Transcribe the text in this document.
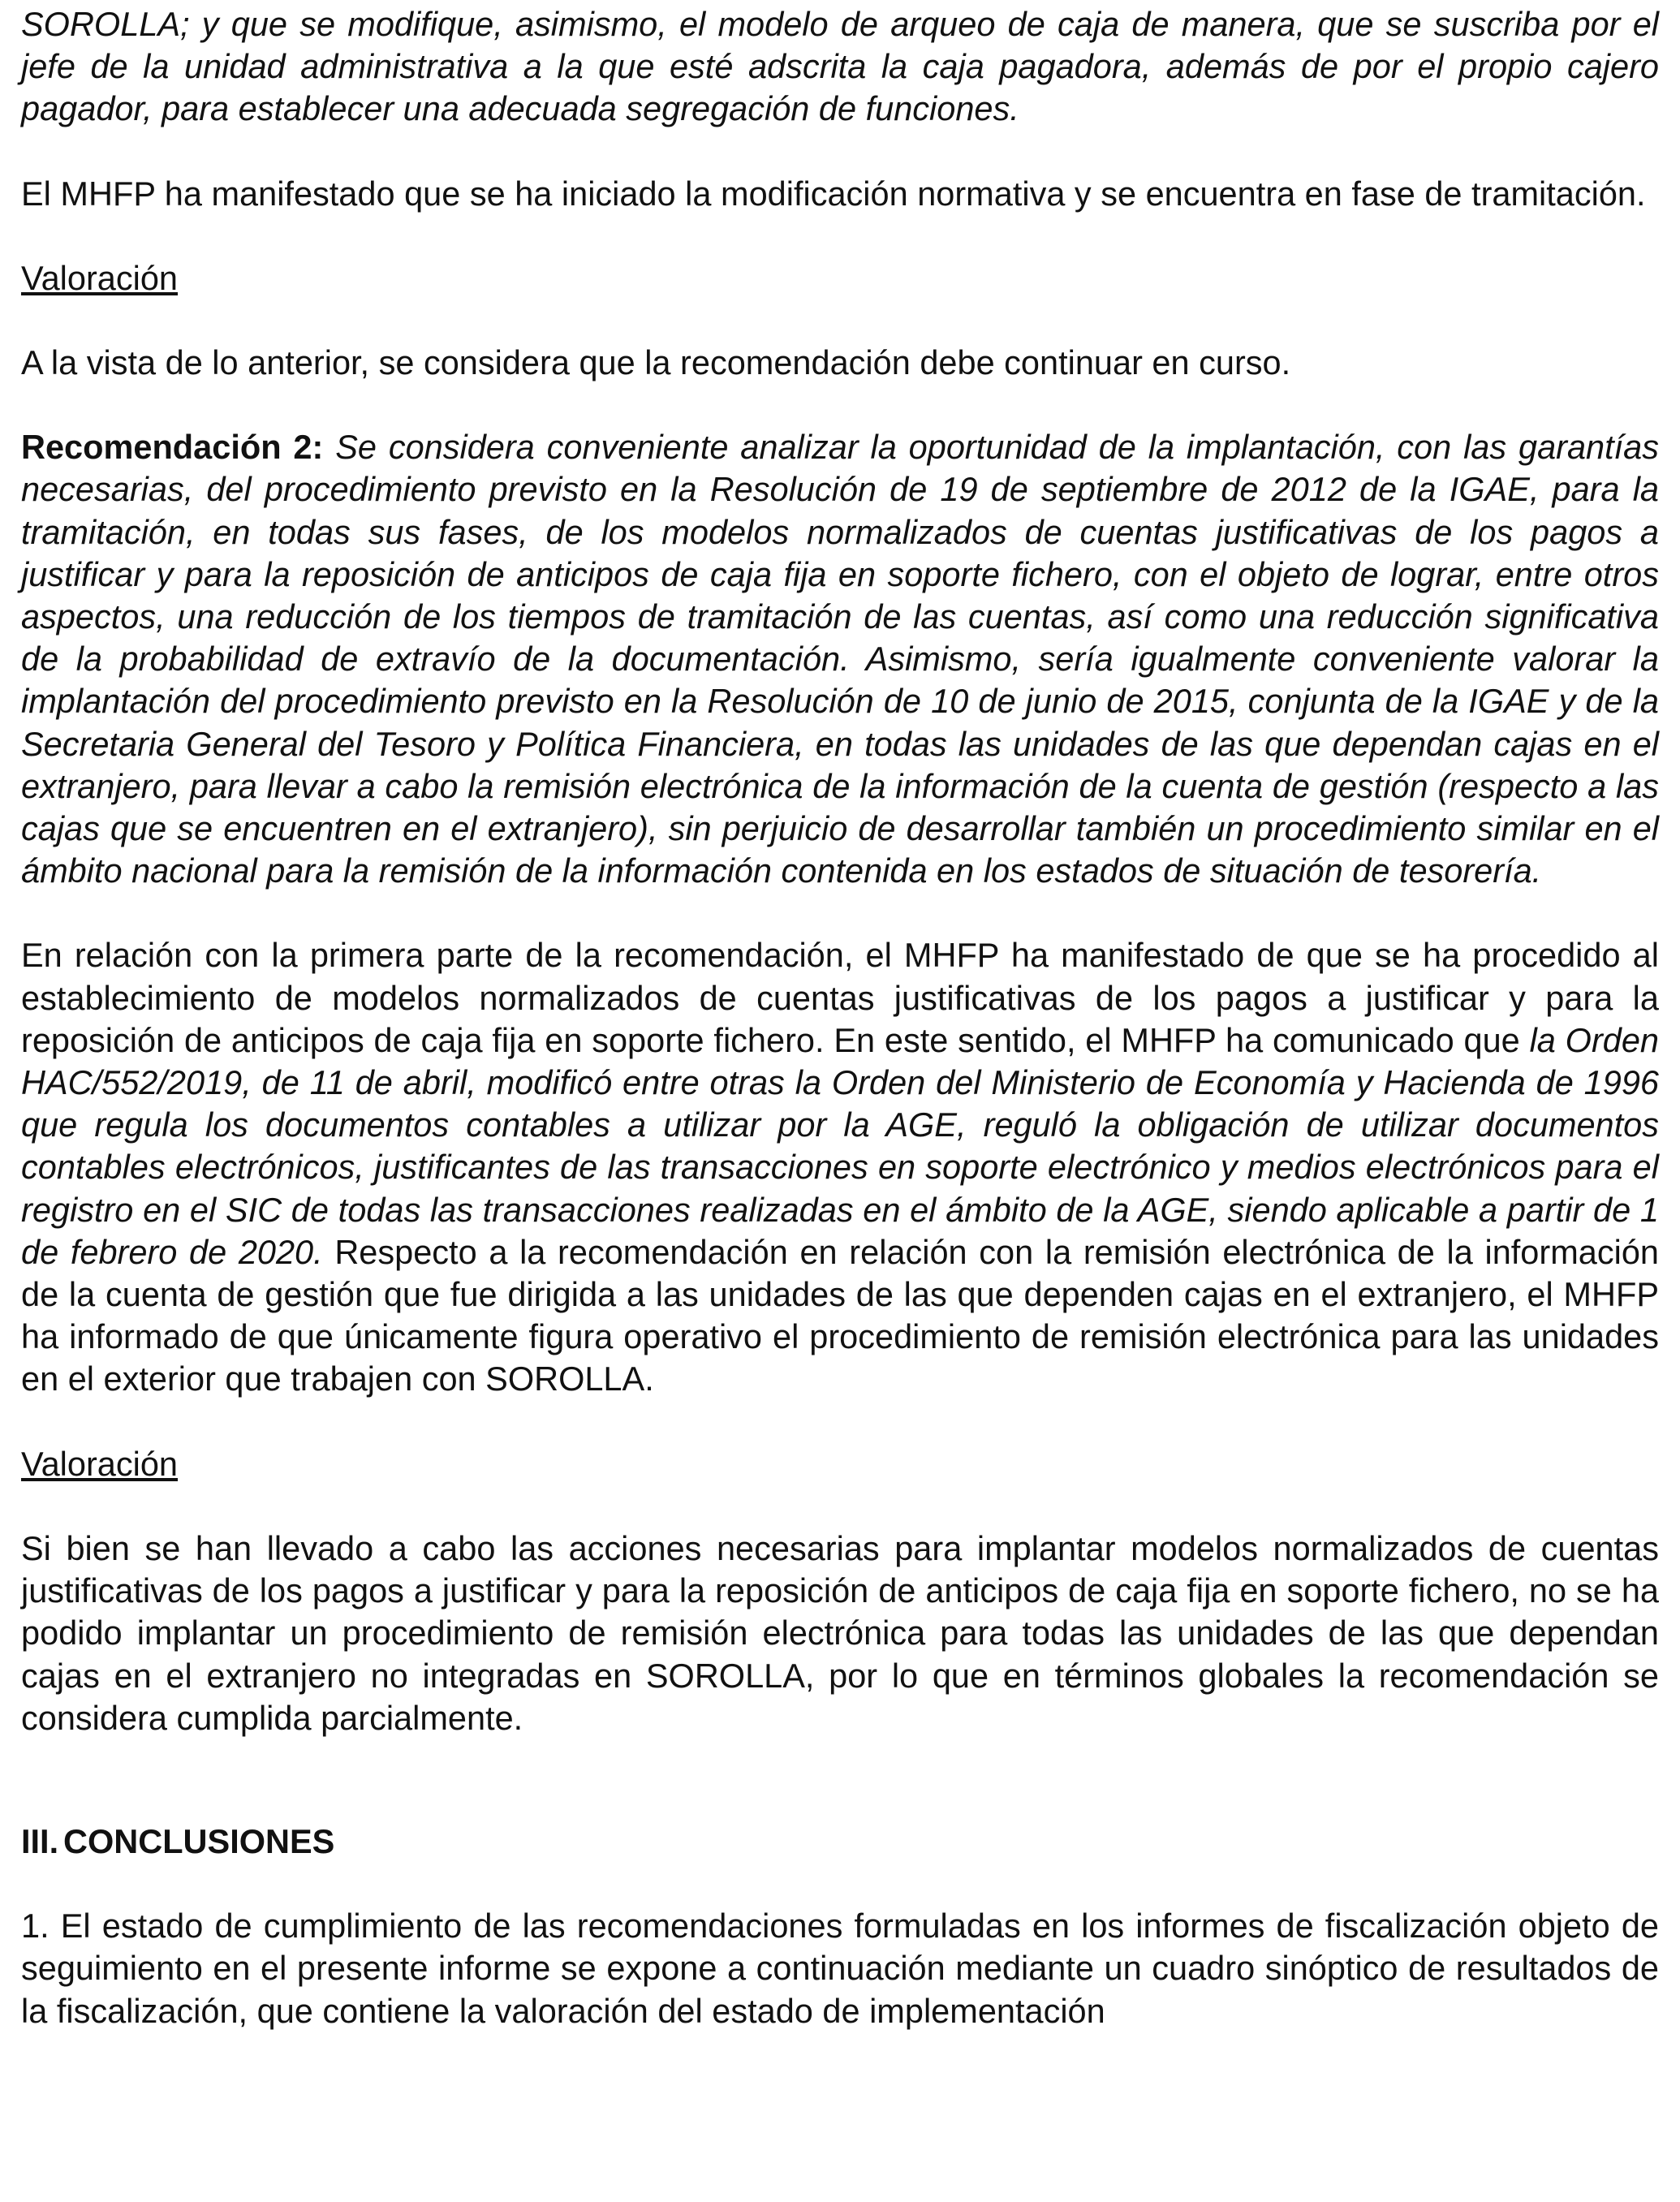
SOROLLA; y que se modifique, asimismo, el modelo de arqueo de caja de manera, que se suscriba por el jefe de la unidad administrativa a la que esté adscrita la caja pagadora, además de por el propio cajero pagador, para establecer una adecuada segregación de funciones.

El MHFP ha manifestado que se ha iniciado la modificación normativa y se encuentra en fase de tramitación.

Valoración

A la vista de lo anterior, se considera que la recomendación debe continuar en curso.

Recomendación 2: Se considera conveniente analizar la oportunidad de la implantación, con las garantías necesarias, del procedimiento previsto en la Resolución de 19 de septiembre de 2012 de la IGAE, para la tramitación, en todas sus fases, de los modelos normalizados de cuentas justificativas de los pagos a justificar y para la reposición de anticipos de caja fija en soporte fichero, con el objeto de lograr, entre otros aspectos, una reducción de los tiempos de tramitación de las cuentas, así como una reducción significativa de la probabilidad de extravío de la documentación. Asimismo, sería igualmente conveniente valorar la implantación del procedimiento previsto en la Resolución de 10 de junio de 2015, conjunta de la IGAE y de la Secretaria General del Tesoro y Política Financiera, en todas las unidades de las que dependan cajas en el extranjero, para llevar a cabo la remisión electrónica de la información de la cuenta de gestión (respecto a las cajas que se encuentren en el extranjero), sin perjuicio de desarrollar también un procedimiento similar en el ámbito nacional para la remisión de la información contenida en los estados de situación de tesorería.

En relación con la primera parte de la recomendación, el MHFP ha manifestado de que se ha procedido al establecimiento de modelos normalizados de cuentas justificativas de los pagos a justificar y para la reposición de anticipos de caja fija en soporte fichero. En este sentido, el MHFP ha comunicado que la Orden HAC/552/2019, de 11 de abril, modificó entre otras la Orden del Ministerio de Economía y Hacienda de 1996 que regula los documentos contables a utilizar por la AGE, reguló la obligación de utilizar documentos contables electrónicos, justificantes de las transacciones en soporte electrónico y medios electrónicos para el registro en el SIC de todas las transacciones realizadas en el ámbito de la AGE, siendo aplicable a partir de 1 de febrero de 2020. Respecto a la recomendación en relación con la remisión electrónica de la información de la cuenta de gestión que fue dirigida a las unidades de las que dependen cajas en el extranjero, el MHFP ha informado de que únicamente figura operativo el procedimiento de remisión electrónica para las unidades en el exterior que trabajen con SOROLLA.

Valoración

Si bien se han llevado a cabo las acciones necesarias para implantar modelos normalizados de cuentas justificativas de los pagos a justificar y para la reposición de anticipos de caja fija en soporte fichero, no se ha podido implantar un procedimiento de remisión electrónica para todas las unidades de las que dependan cajas en el extranjero no integradas en SOROLLA, por lo que en términos globales la recomendación se considera cumplida parcialmente.

III. CONCLUSIONES

1. El estado de cumplimiento de las recomendaciones formuladas en los informes de fiscalización objeto de seguimiento en el presente informe se expone a continuación mediante un cuadro sinóptico de resultados de la fiscalización, que contiene la valoración del estado de implementación
